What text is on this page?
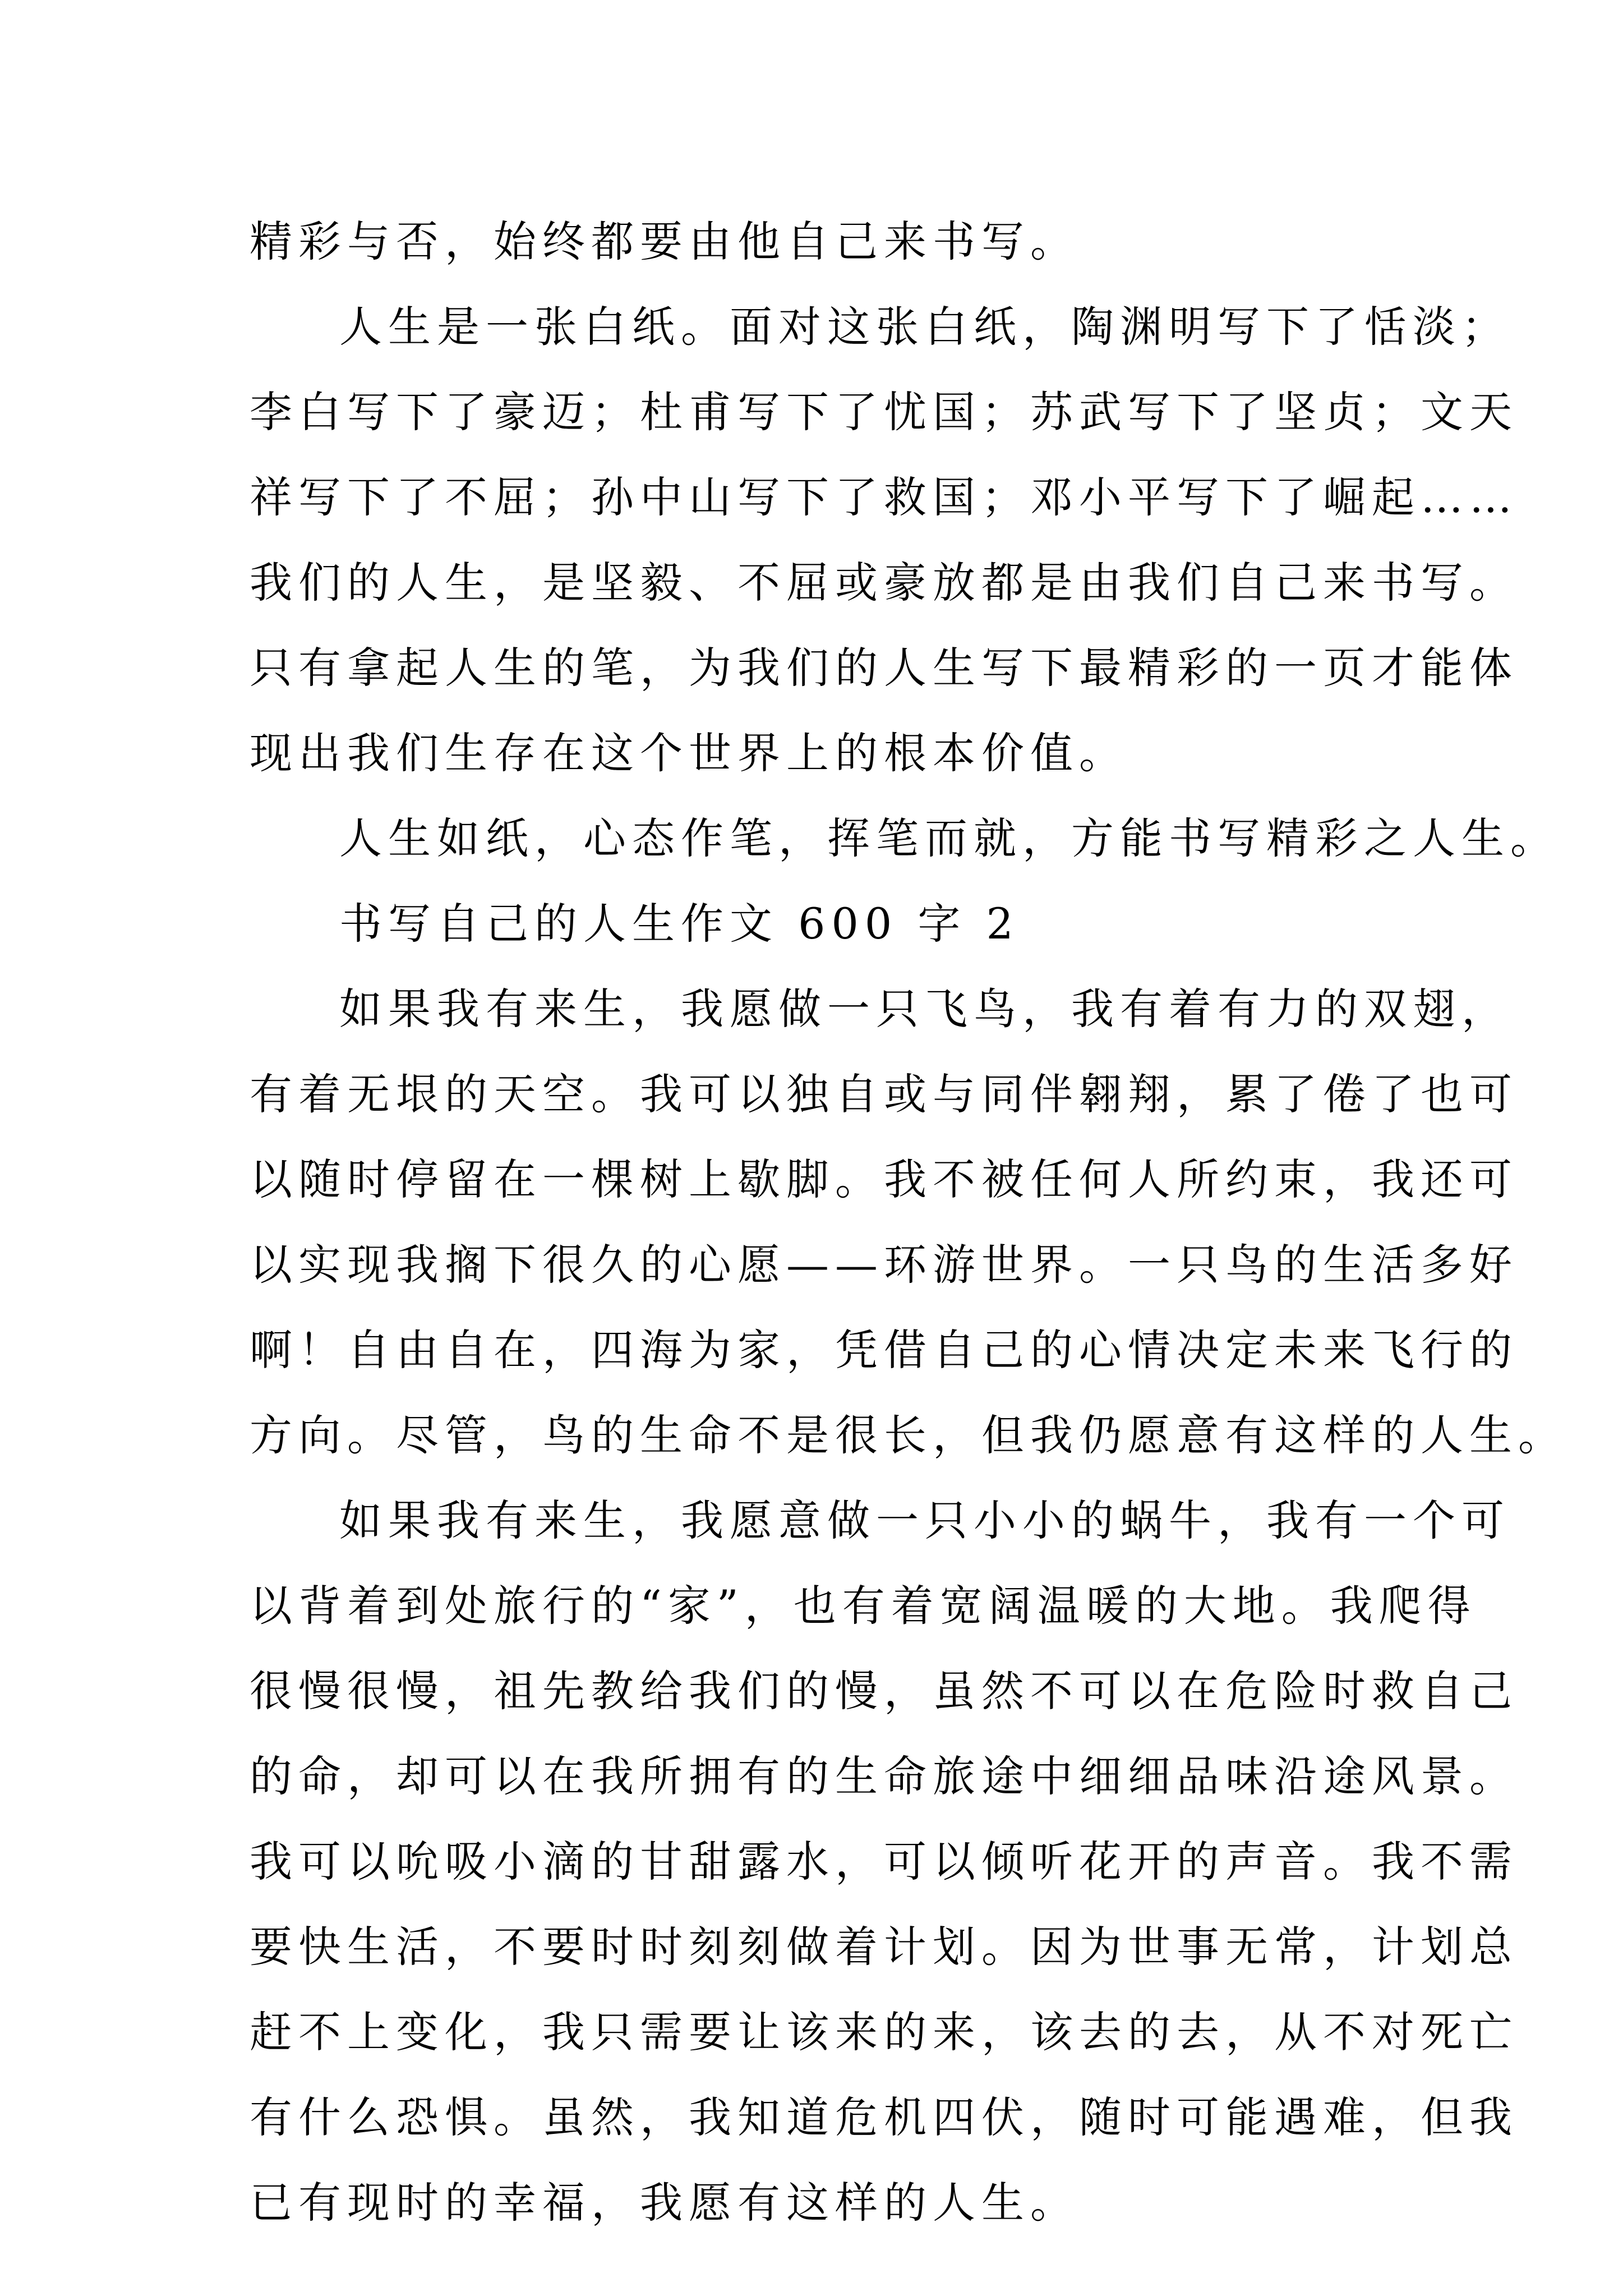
精彩与否，始终都要由他自己来书写。
人生是一张白纸。面对这张白纸，陶渊明写下了恬淡；
李白写下了豪迈；杜甫写下了忧国；苏武写下了坚贞；文天
祥写下了不屈；孙中山写下了救国；邓小平写下了崛起……
我们的人生，是坚毅、不屈或豪放都是由我们自己来书写。
只有拿起人生的笔，为我们的人生写下最精彩的一页才能体
现出我们生存在这个世界上的根本价值。
人生如纸，心态作笔，挥笔而就，方能书写精彩之人生。
书写自己的人生作文 600 字 2
如果我有来生，我愿做一只飞鸟，我有着有力的双翅，
有着无垠的天空。我可以独自或与同伴翱翔，累了倦了也可
以随时停留在一棵树上歇脚。我不被任何人所约束，我还可
以实现我搁下很久的心愿——环游世界。一只鸟的生活多好
啊！自由自在，四海为家，凭借自己的心情决定未来飞行的
方向。尽管，鸟的生命不是很长，但我仍愿意有这样的人生。
如果我有来生，我愿意做一只小小的蜗牛，我有一个可
以背着到处旅行的“家”，也有着宽阔温暖的大地。我爬得
很慢很慢，祖先教给我们的慢，虽然不可以在危险时救自己
的命，却可以在我所拥有的生命旅途中细细品味沿途风景。
我可以吮吸小滴的甘甜露水，可以倾听花开的声音。我不需
要快生活，不要时时刻刻做着计划。因为世事无常，计划总
赶不上变化，我只需要让该来的来，该去的去，从不对死亡
有什么恐惧。虽然，我知道危机四伏，随时可能遇难，但我
已有现时的幸福，我愿有这样的人生。
